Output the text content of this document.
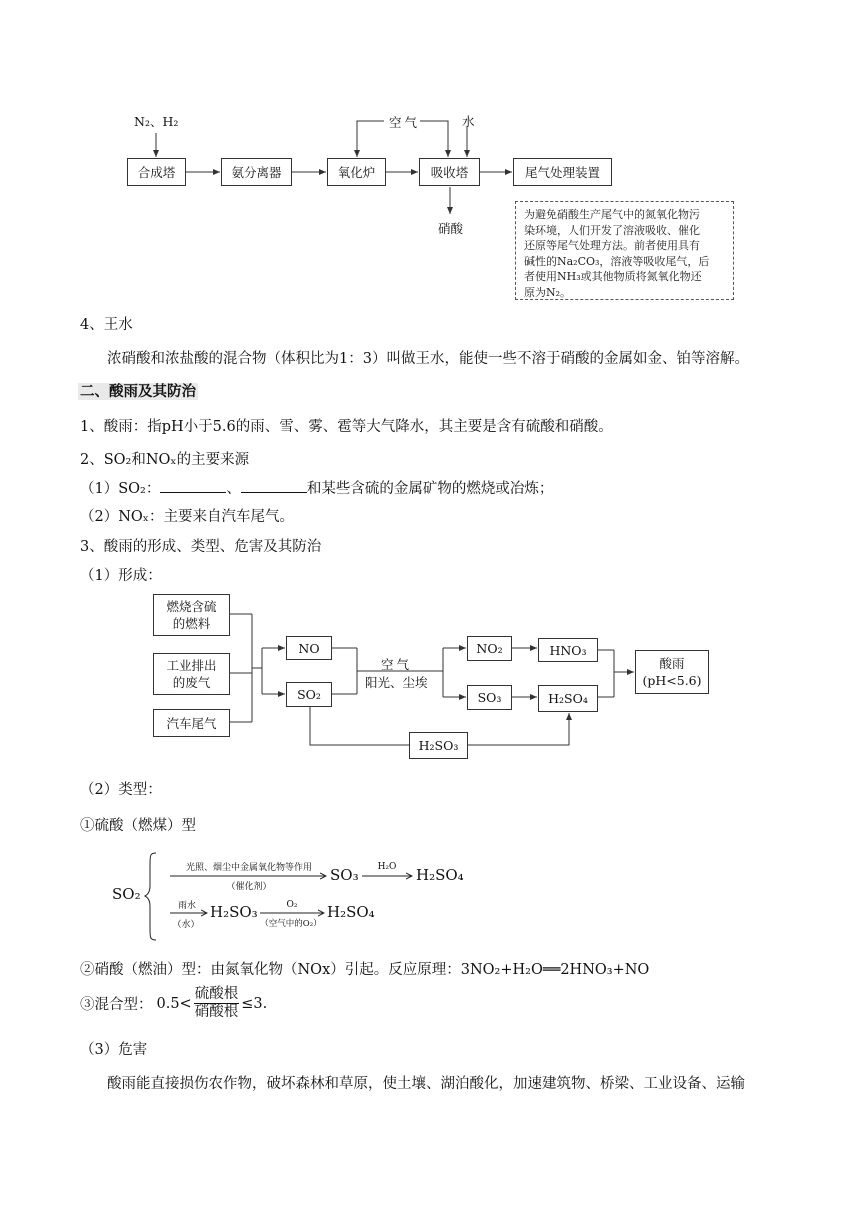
N₂、H₂	空气	水
合成塔	氨分离器	氧化炉	吸收塔	尾气处理装置
硝酸
为避免硝酸生产尾气中的氮氧化物污
染环境，人们开发了溶液吸收、催化
还原等尾气处理方法。前者使用具有
碱性的Na₂CO₃，溶液等吸收尾气，后
者使用NH₃或其他物质将氮氧化物还
原为N₂。
4、王水
浓硝酸和浓盐酸的混合物（体积比为1：3）叫做王水，能使一些不溶于硝酸的金属如金、铂等溶解。
二、酸雨及其防治
1、酸雨：指pH小于5.6的雨、雪、雾、雹等大气降水，其主要是含有硫酸和硝酸。
2、SO₂和NOₓ的主要来源
（1）SO₂：	、	和某些含硫的金属矿物的燃烧或冶炼；
（2）NOₓ：主要来自汽车尾气。
3、酸雨的形成、类型、危害及其防治
（1）形成：
燃烧含硫
的燃料
工业排出
的废气
汽车尾气
NO
SO₂
空气
阳光、尘埃
NO₂
SO₃
HNO₃
H₂SO₄
H₂SO₃
酸雨
(pH<5.6)
（2）类型：
①硫酸（燃煤）型
SO₂
光照、烟尘中金属氧化物等作用
（催化剂）
SO₃	H₂O	H₂SO₄
雨水
（水）
H₂SO₃	O₂
（空气中的O₂）
H₂SO₄
②硝酸（燃油）型：由氮氧化物（NOx）引起。反应原理：3NO₂+H₂O══2HNO₃+NO
③混合型： 0.5<
硫酸根
硝酸根
≤3 .
（3）危害
酸雨能直接损伤农作物，破坏森林和草原，使土壤、湖泊酸化，加速建筑物、桥梁、工业设备、运输
